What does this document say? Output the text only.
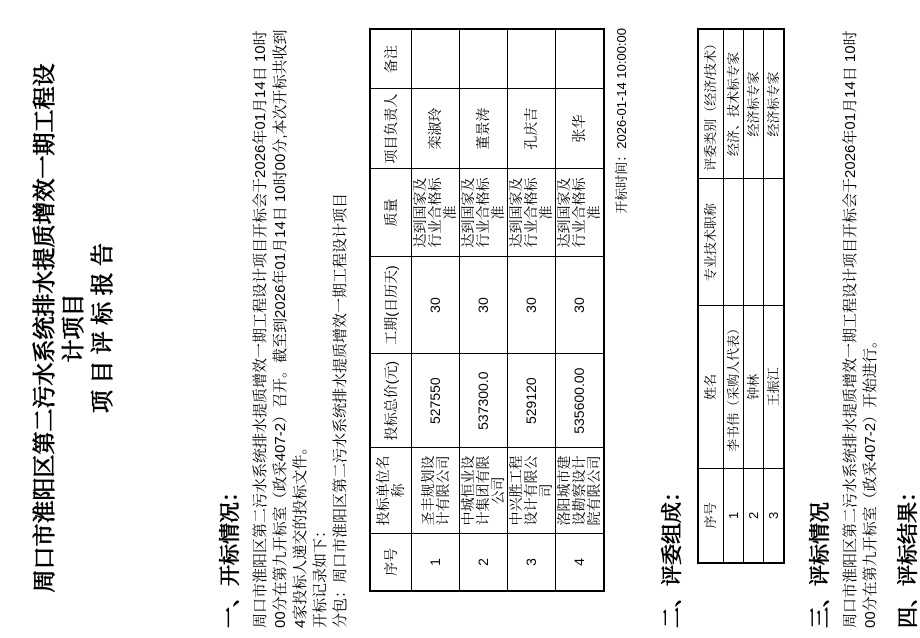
周口市淮阳区第二污水系统排水提质增效一期工程设计项目 项 目 评 标 报 告
一、开标情况： 周口市淮阳区第二污水系统排水提质增效一期工程设计项目开标会于2026年01月14日 10时00分在第九开标室（政采407-2）召开。截至到2026年01月14日 10时00分,本次开标共收到4家投标人递交的投标文件。 开标记录如下： 分包：周口市淮阳区第二污水系统排水提质增效一期工程设计项目 序号	投标单位名称	投标总价(元)	工期(日历天)	质量	项目负责人	备注
1	圣丰规划设计有限公司	527550	30	达到国家及行业合格标准	栾淑玲	
2	中城恒业设计集团有限公司	537300.0	30	达到国家及行业合格标准	董景涛	
3	中兴胜工程设计有限公司	529120	30	达到国家及行业合格标准	孔庆吉	
4	洛阳城市建设勘察设计院有限公司	535600.00	30	达到国家及行业合格标准	张华	开标时间：2026-01-14 10:00:00
二、评委组成： 序号	姓名	专业技术职称	评委类别（经济/技术）
1	李书伟（采购人代表）		经济、技术标专家
2	钟林		经济标专家
3	王振江		经济标专家
三、评标情况 周口市淮阳区第二污水系统排水提质增效一期工程设计项目开标会于2026年01月14日 10时00分在第九开标室（政采407-2）开始进行。 四、评标结果：
